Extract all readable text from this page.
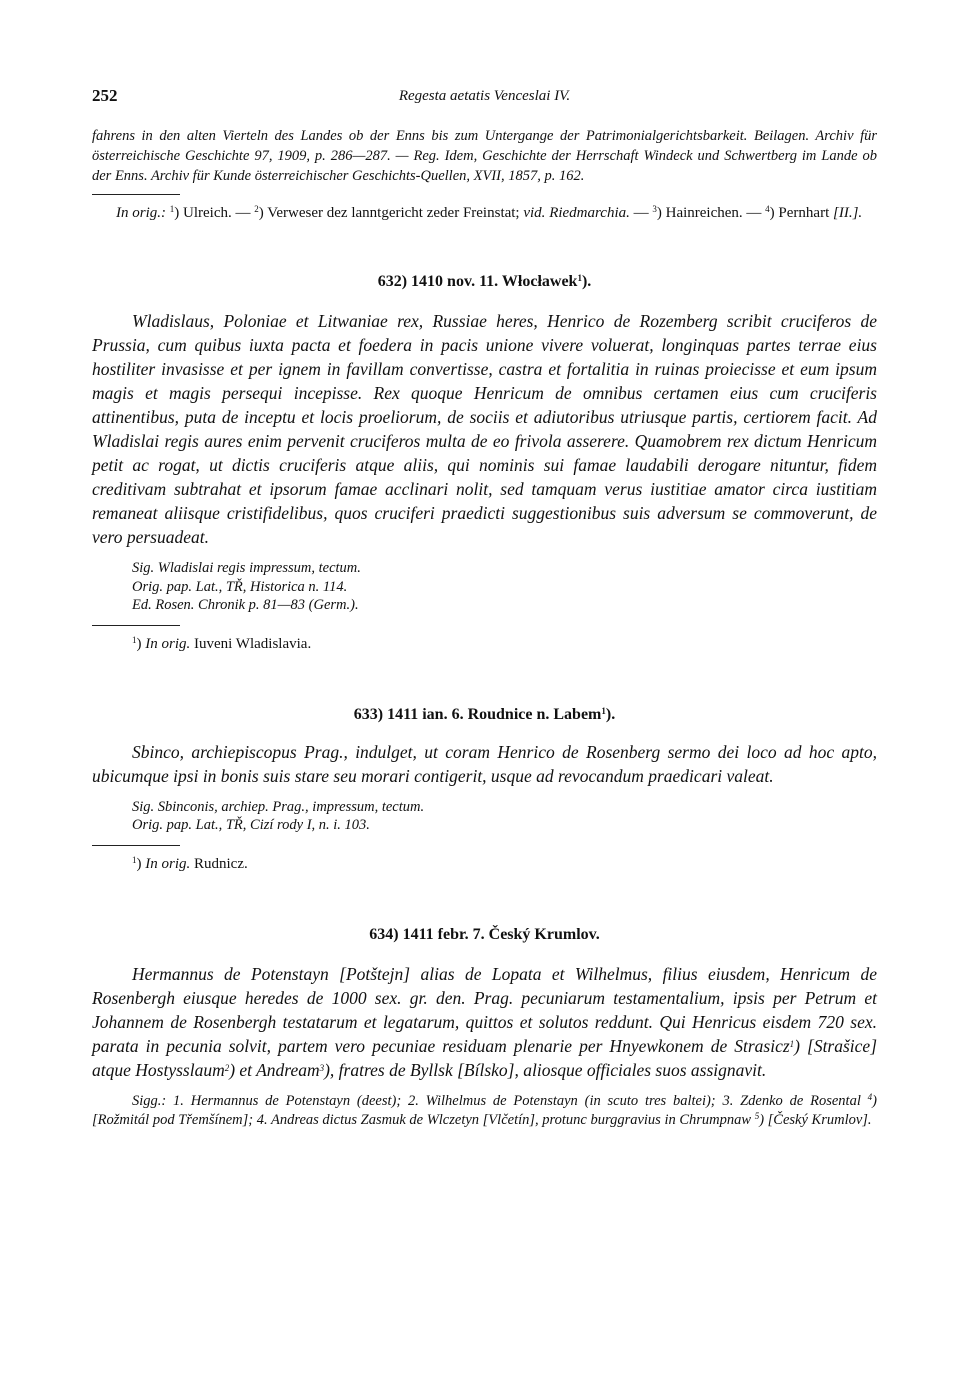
252	Regesta aetatis Venceslai IV.

fahrens in den alten Vierteln des Landes ob der Enns bis zum Untergange der Patrimonialgerichtsbarkeit. Beilagen. Archiv für österreichische Geschichte 97, 1909, p. 286—287. — Reg. Idem, Geschichte der Herrschaft Windeck und Schwertberg im Lande ob der Enns. Archiv für Kunde österreichischer Geschichts-Quellen, XVII, 1857, p. 162.

In orig.: $^1$) Ulreich. — $^2$) Verweser dez lanntgericht zeder Freinstat; vid. Riedmarchia. — $^3$) Hainreichen. — $^4$) Pernhart [II.].

632) 1410 nov. 11. Włocławek$^1$).

Wladislaus, Poloniae et Litwaniae rex, Russiae heres, Henrico de Rozemberg scribit cruciferos de Prussia, cum quibus iuxta pacta et foedera in pacis unione vivere voluerat, longinquas partes terrae eius hostiliter invasisse et per ignem in favillam convertisse, castra et fortalitia in ruinas proiecisse et eum ipsum magis et magis persequi incepisse. Rex quoque Henricum de omnibus certamen eius cum cruciferis attinentibus, puta de inceptu et locis proeliorum, de sociis et adiutoribus utriusque partis, certiorem facit. Ad Wladislai regis aures enim pervenit cruciferos multa de eo frivola asserere. Quamobrem rex dictum Henricum petit ac rogat, ut dictis cruciferis atque aliis, qui nominis sui famae laudabili derogare nituntur, fidem creditivam subtrahat et ipsorum famae acclinari nolit, sed tamquam verus iustitiae amator circa iustitiam remaneat aliisque cristifidelibus, quos cruciferi praedicti suggestionibus suis adversum se commoverunt, de vero persuadeat.

Sig. Wladislai regis impressum, tectum.

Orig. pap. Lat., TŘ, Historica n. 114.

Ed. Rosen. Chronik p. 81—83 (Germ.).

$^1$) In orig. Iuveni Wladislavia.

633) 1411 ian. 6. Roudnice n. Labem$^1$).

Sbinco, archiepiscopus Prag., indulget, ut coram Henrico de Rosenberg sermo dei loco ad hoc apto, ubicumque ipsi in bonis suis stare seu morari contigerit, usque ad revocandum praedicari valeat.

Sig. Sbinconis, archiep. Prag., impressum, tectum.

Orig. pap. Lat., TŘ, Cizí rody I, n. i. 103.

$^1$) In orig. Rudnicz.

634) 1411 febr. 7. Český Krumlov.

Hermannus de Potenstayn [Potštejn] alias de Lopata et Wilhelmus, filius eiusdem, Henricum de Rosenbergh eiusque heredes de 1000 sex. gr. den. Prag. pecuniarum testamentalium, ipsis per Petrum et Johannem de Rosenbergh testatarum et legatarum, quittos et solutos reddunt. Qui Henricus eisdem 720 sex. parata in pecunia solvit, partem vero pecuniae residuam plenarie per Hnyewkonem de Strasicz$^1$) [Strašice] atque Hostysslaum$^2$) et Andream$^3$), fratres de Byllsk [Bílsko], aliosque officiales suos assignavit.

Sigg.: 1. Hermannus de Potenstayn (deest); 2. Wilhelmus de Potenstayn (in scuto tres baltei); 3. Zdenko de Rosental $^4$) [Rožmitál pod Třemšínem]; 4. Andreas dictus Zasmuk de Wlczetyn [Vlčetín], protunc burggravius in Chrumpnaw $^5$) [Český Krumlov].
